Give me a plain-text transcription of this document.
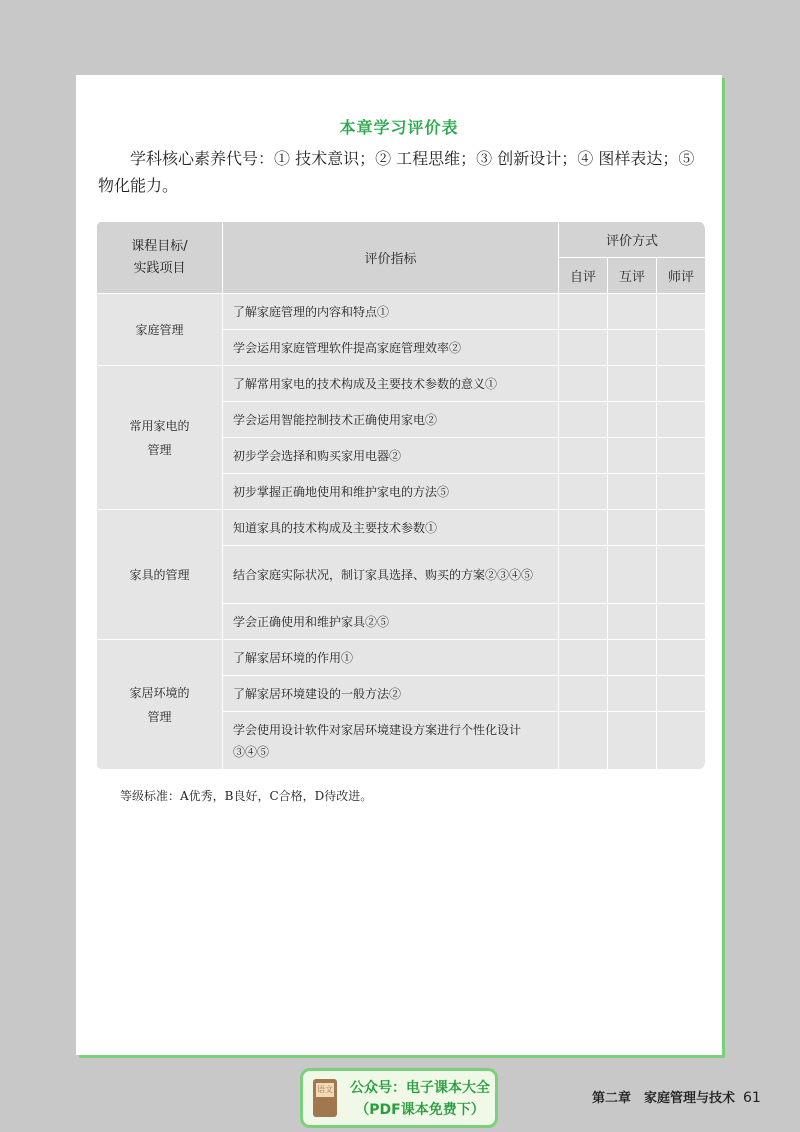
本章学习评价表
学科核心素养代号：① 技术意识；② 工程思维；③ 创新设计；④ 图样表达；⑤ 物化能力。
课程目标/
实践项目	评价指标	评价方式		
		自评	互评	师评
家庭管理	了解家庭管理的内容和特点①			
	学会运用家庭管理软件提高家庭管理效率②			
常用家电的
管理	了解常用家电的技术构成及主要技术参数的意义①			
	学会运用智能控制技术正确使用家电②			
	初步学会选择和购买家用电器②			
	初步掌握正确地使用和维护家电的方法⑤			
家具的管理	知道家具的技术构成及主要技术参数①			
	结合家庭实际状况，制订家具选择、购买的方案②③④⑤			
	学会正确使用和维护家具②⑤			
家居环境的
管理	了解家居环境的作用①			
	了解家居环境建设的一般方法②			
	学会使用设计软件对家居环境建设方案进行个性化设计③④⑤			
等级标准：A优秀，B良好，C合格，D待改进。
语文 公众号：电子课本大全
（PDF课本免费下）
第二章　家庭管理与技术 61
